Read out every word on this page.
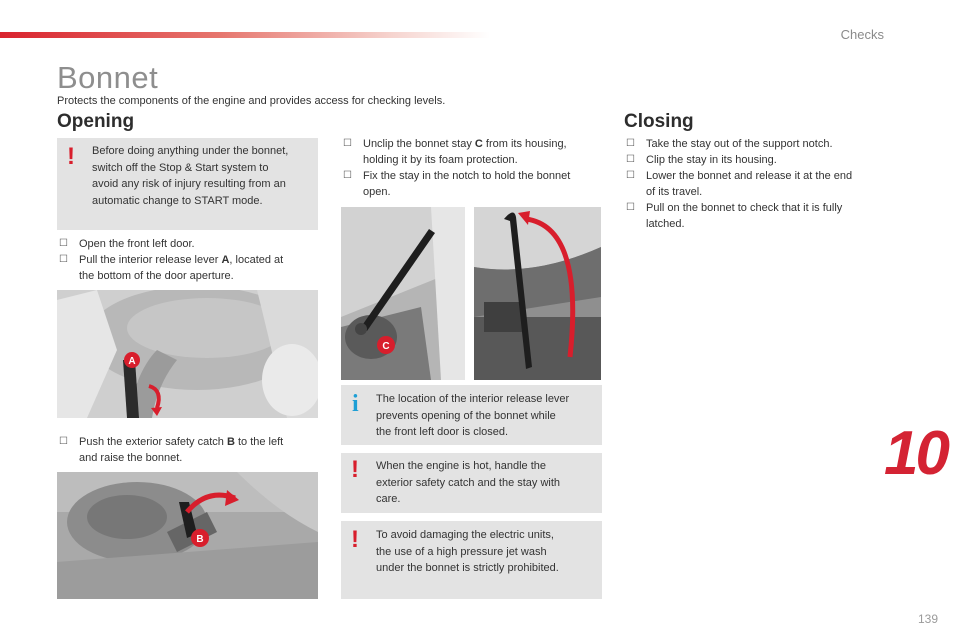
Checks
Bonnet
Protects the components of the engine and provides access for checking levels.
Opening
! Before doing anything under the bonnet,
switch off the Stop & Start system to
avoid any risk of injury resulting from an
automatic change to START mode.
☐ Open the front left door.
☐ Pull the interior release lever A, located at
the bottom of the door aperture.
A
☐ Push the exterior safety catch B to the left
and raise the bonnet.
B
☐ Unclip the bonnet stay C from its housing,
holding it by its foam protection.
☐ Fix the stay in the notch to hold the bonnet
open.
C
i The location of the interior release lever
prevents opening of the bonnet while
the front left door is closed.
! When the engine is hot, handle the
exterior safety catch and the stay with
care.
! To avoid damaging the electric units,
the use of a high pressure jet wash
under the bonnet is strictly prohibited.
Closing
☐ Take the stay out of the support notch.
☐ Clip the stay in its housing.
☐ Lower the bonnet and release it at the end
of its travel.
☐ Pull on the bonnet to check that it is fully
latched.
10
139
